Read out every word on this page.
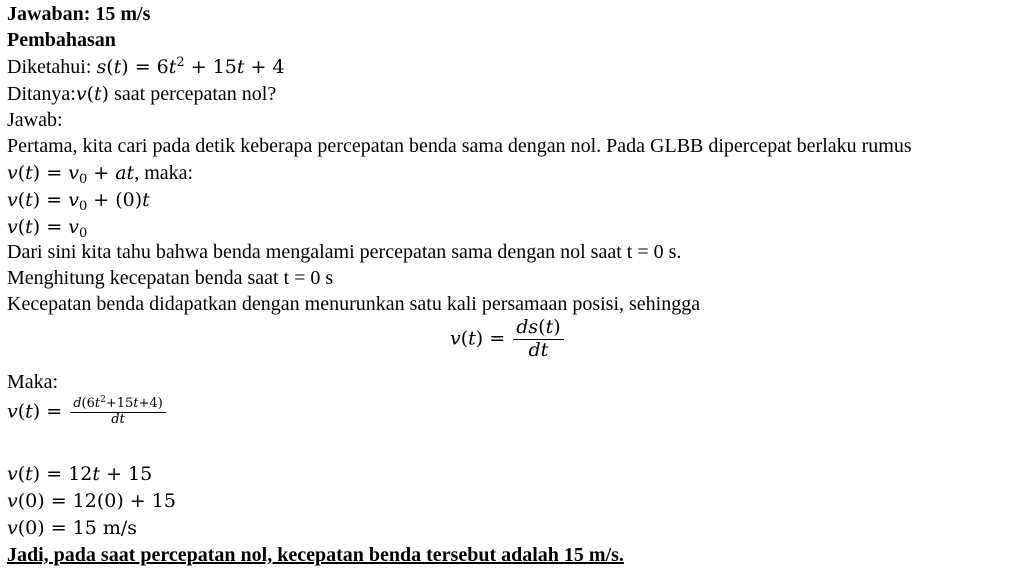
Jawaban: 15 m/s
Pembahasan
Diketahui: $s(t) = 6t^2 + 15t + 4$
Ditanya:v(t) saat percepatan nol?
Jawab:
Pertama, kita cari pada detik keberapa percepatan benda sama dengan nol. Pada GLBB dipercepat berlaku rumus
$v(t) = v_0$ + at, maka:
$v(t) = v_0 + (0)t$
$v(t) = v_0$
Dari sini kita tahu bahwa benda mengalami percepatan sama dengan nol saat t = 0 s.
Menghitung kecepatan benda saat t = 0 s
Kecepatan benda didapatkan dengan menurunkan satu kali persamaan posisi, sehingga
$v(t) = \frac{ds(t)}{dt}$
Maka:
$v(t) = \frac{d(6t^2+15t+4)}{dt}$
v(t) = 12t + 15
v(0) = 12(0) + 15
v(0) = 15 m/s
Jadi, pada saat percepatan nol, kecepatan benda tersebut adalah 15 m/s.
